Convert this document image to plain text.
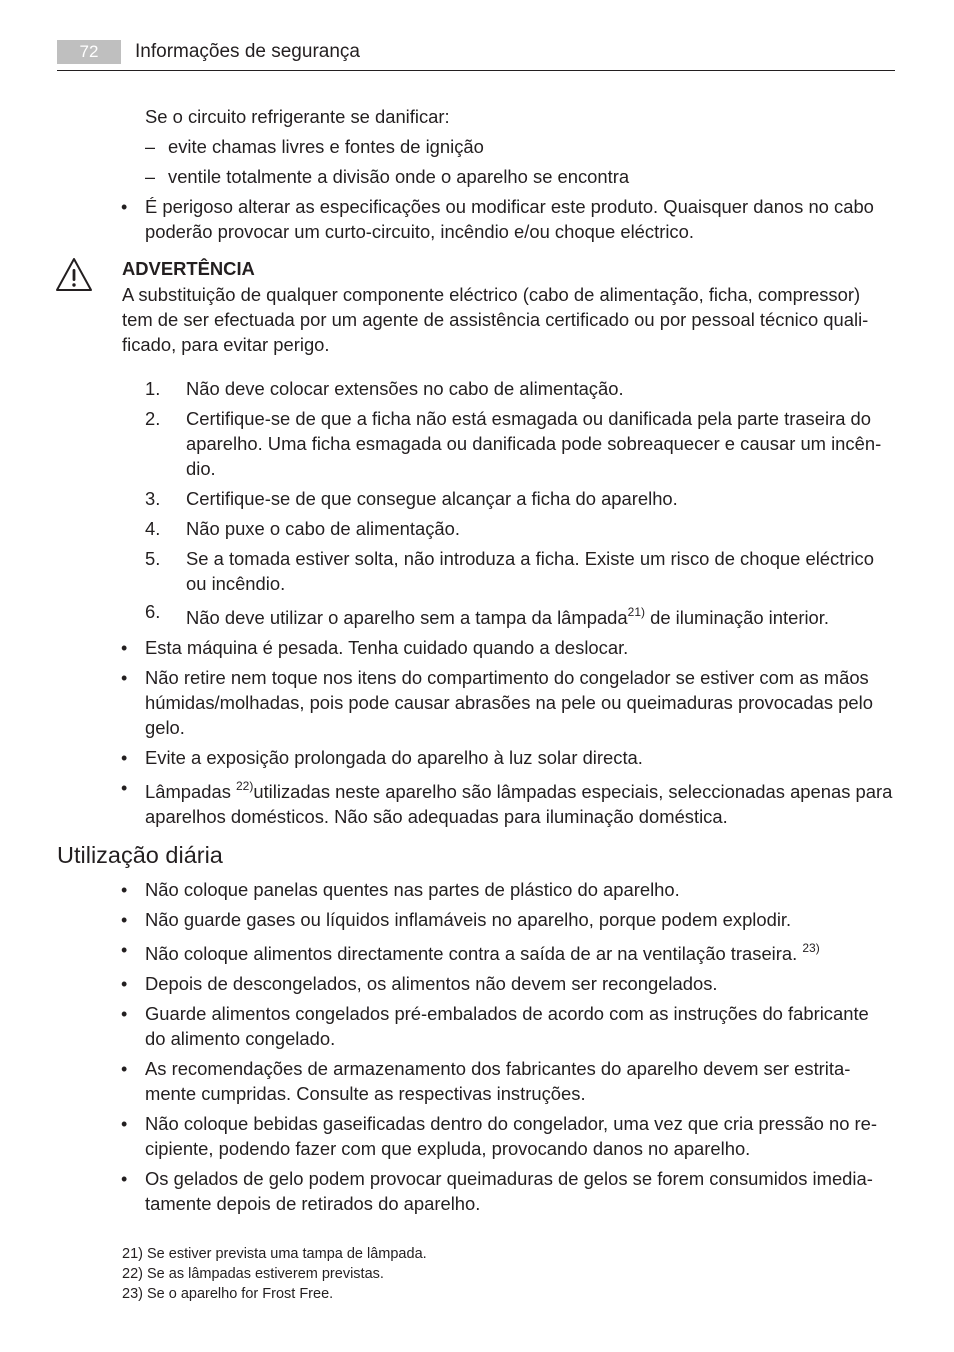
72	Informações de segurança
Se o circuito refrigerante se danificar:
– evite chamas livres e fontes de ignição
– ventile totalmente a divisão onde o aparelho se encontra
• É perigoso alterar as especificações ou modificar este produto. Quaisquer danos no cabo
poderão provocar um curto-circuito, incêndio e/ou choque eléctrico.
ADVERTÊNCIA
A substituição de qualquer componente eléctrico (cabo de alimentação, ficha, compressor)
tem de ser efectuada por um agente de assistência certificado ou por pessoal técnico quali-
ficado, para evitar perigo.
1. Não deve colocar extensões no cabo de alimentação.
2. Certifique-se de que a ficha não está esmagada ou danificada pela parte traseira do
aparelho. Uma ficha esmagada ou danificada pode sobreaquecer e causar um incên-
dio.
3. Certifique-se de que consegue alcançar a ficha do aparelho.
4. Não puxe o cabo de alimentação.
5. Se a tomada estiver solta, não introduza a ficha. Existe um risco de choque eléctrico
ou incêndio.
6. Não deve utilizar o aparelho sem a tampa da lâmpada$^{21)}$ de iluminação interior.
• Esta máquina é pesada. Tenha cuidado quando a deslocar.
• Não retire nem toque nos itens do compartimento do congelador se estiver com as mãos
húmidas/molhadas, pois pode causar abrasões na pele ou queimaduras provocadas pelo
gelo.
• Evite a exposição prolongada do aparelho à luz solar directa.
• Lâmpadas $^{22)}$utilizadas neste aparelho são lâmpadas especiais, seleccionadas apenas para
aparelhos domésticos. Não são adequadas para iluminação doméstica.
Utilização diária
• Não coloque panelas quentes nas partes de plástico do aparelho.
• Não guarde gases ou líquidos inflamáveis no aparelho, porque podem explodir.
• Não coloque alimentos directamente contra a saída de ar na ventilação traseira. $^{23)}$
• Depois de descongelados, os alimentos não devem ser recongelados.
• Guarde alimentos congelados pré-embalados de acordo com as instruções do fabricante
do alimento congelado.
• As recomendações de armazenamento dos fabricantes do aparelho devem ser estrita-
mente cumpridas. Consulte as respectivas instruções.
• Não coloque bebidas gaseificadas dentro do congelador, uma vez que cria pressão no re-
cipiente, podendo fazer com que expluda, provocando danos no aparelho.
• Os gelados de gelo podem provocar queimaduras de gelos se forem consumidos imedia-
tamente depois de retirados do aparelho.
21) Se estiver prevista uma tampa de lâmpada.
22) Se as lâmpadas estiverem previstas.
23) Se o aparelho for Frost Free.
